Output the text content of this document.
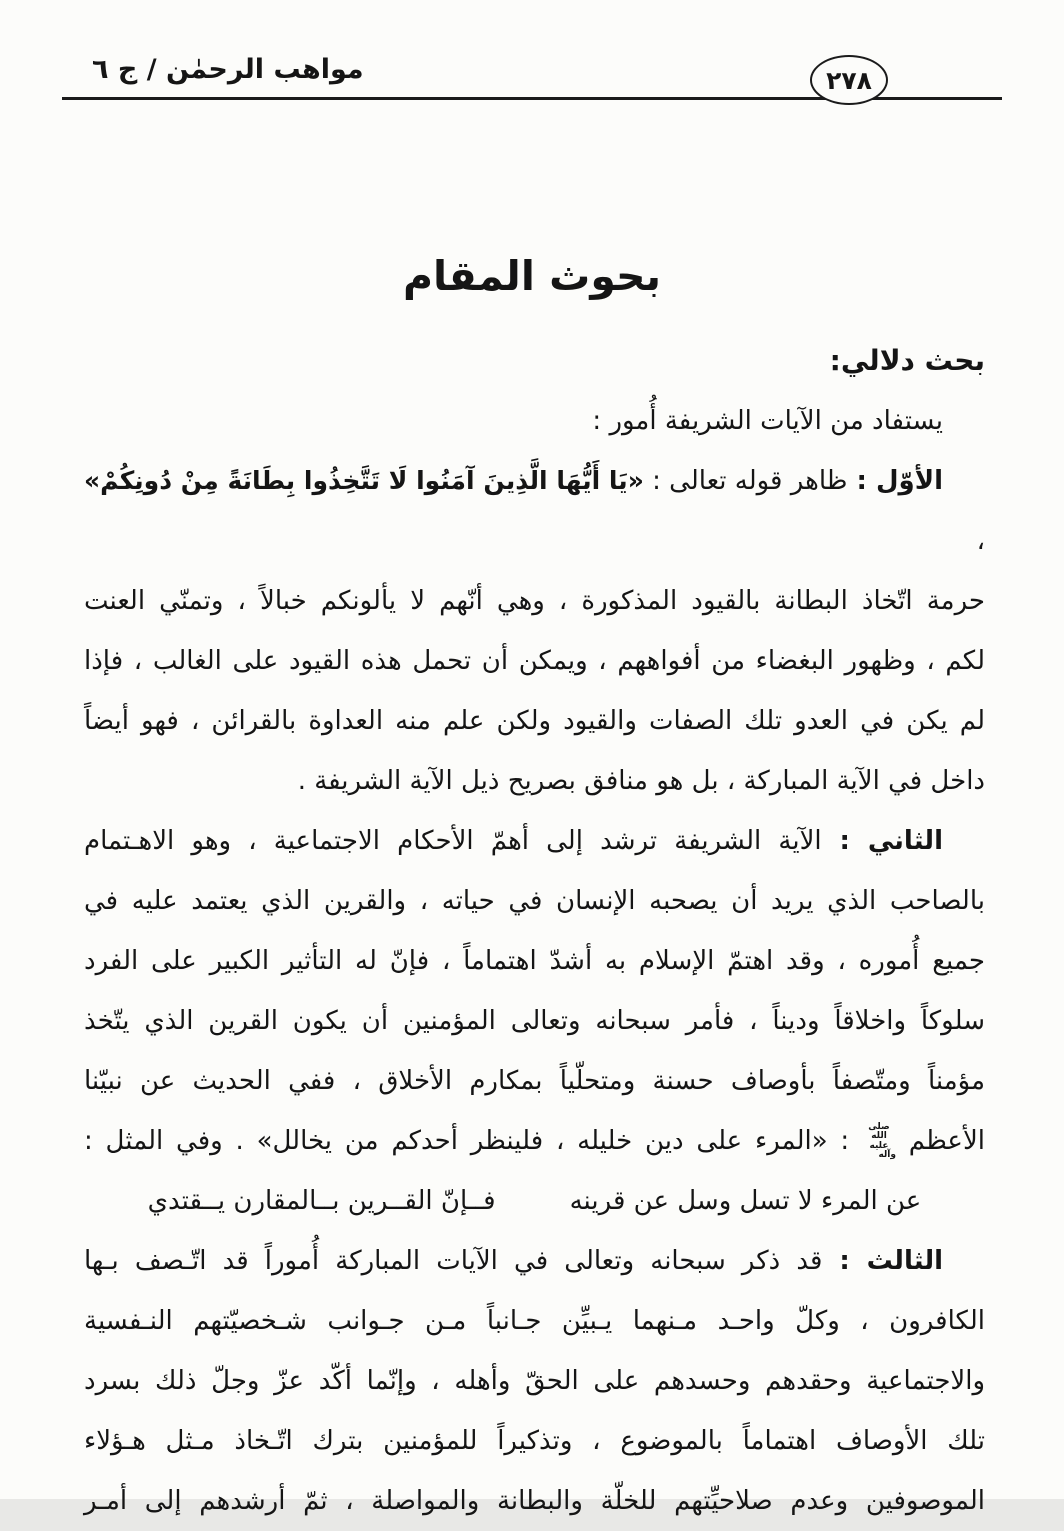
مواهب الرحمٰن / ج ٦	٢٧٨
بحوث المقام
بحث دلالي:
يستفاد من الآيات الشريفة أُمور :
الأوّل : ظاهر قوله تعالى : «يَا أَيُّهَا الَّذِينَ آمَنُوا لَا تَتَّخِذُوا بِطَانَةً مِنْ دُونِكُمْ» ،
حرمة اتّخاذ البطانة بالقيود المذكورة ، وهي أنّهم لا يألونكم خبالاً ، وتمنّي العنت
لكم ، وظهور البغضاء من أفواههم ، ويمكن أن تحمل هذه القيود على الغالب ، فإذا
لم يكن في العدو تلك الصفات والقيود ولكن علم منه العداوة بالقرائن ، فهو أيضاً
داخل في الآية المباركة ، بل هو منافق بصريح ذيل الآية الشريفة .
الثاني : الآية الشريفة ترشد إلى أهمّ الأحكام الاجتماعية ، وهو الاهـتمام
بالصاحب الذي يريد أن يصحبه الإنسان في حياته ، والقرين الذي يعتمد عليه في
جميع أُموره ، وقد اهتمّ الإسلام به أشدّ اهتماماً ، فإنّ له التأثير الكبير على الفرد
سلوكاً واخلاقاً وديناً ، فأمر سبحانه وتعالى المؤمنين أن يكون القرين الذي يتّخذ
مؤمناً ومتّصفاً بأوصاف حسنة ومتحلّياً بمكارم الأخلاق ، ففي الحديث عن نبيّنا
الأعظم صلى الله عليه وآله : «المرء على دين خليله ، فلينظر أحدكم من يخالل» . وفي المثل :
عن المرء لا تسل وسل عن قرينه
فــإنّ القــرين بــالمقارن يــقتدي
الثالث : قد ذكر سبحانه وتعالى في الآيات المباركة أُموراً قد اتّـصف بـها
الكافرون ، وكلّ واحـد مـنهما يـبيِّن جـانباً مـن جـوانب شـخصيّتهم النـفسية
والاجتماعية وحقدهم وحسدهم على الحقّ وأهله ، وإنّما أكّد عزّ وجلّ ذلك بسرد
تلك الأوصاف اهتماماً بالموضوع ، وتذكيراً للمؤمنين بترك اتّـخاذ مـثل هـؤلاء
الموصوفين وعدم صلاحيِّتهم للخلّة والبطانة والمواصلة ، ثمّ أرشدهم إلى أمـر
